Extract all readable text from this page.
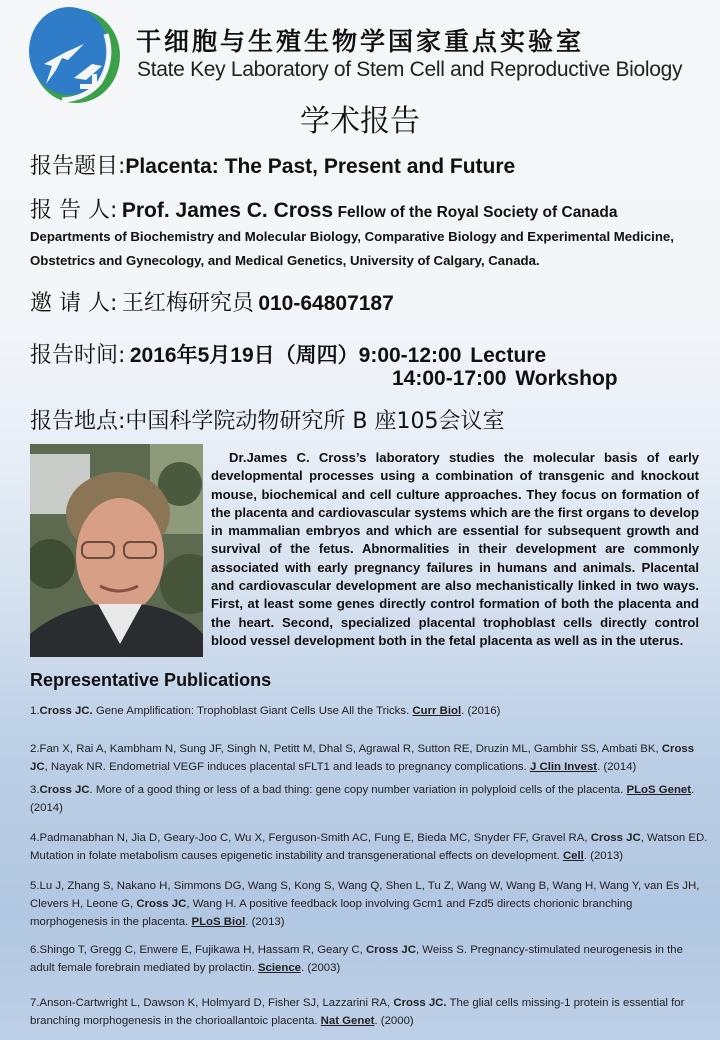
干细胞与生殖生物学国家重点实验室
State Key Laboratory of Stem Cell and Reproductive Biology
学术报告
报告题目:Placenta: The Past, Present and Future
报 告 人: Prof. James C. Cross Fellow of the Royal Society of Canada
Departments of Biochemistry and Molecular Biology, Comparative Biology and Experimental Medicine,
Obstetrics and Gynecology, and Medical Genetics, University of Calgary, Canada.
邀 请 人: 王红梅研究员 010-64807187
报告时间: 2016年5月19日（周四）9:00-12:00 Lecture
14:00-17:00 Workshop
报告地点:中国科学院动物研究所 B 座105会议室
Dr.James C. Cross’s laboratory studies the molecular basis of early developmental processes using a combination of transgenic and knockout mouse, biochemical and cell culture approaches. They focus on formation of the placenta and cardiovascular systems which are the first organs to develop in mammalian embryos and which are essential for subsequent growth and survival of the fetus. Abnormalities in their development are commonly associated with early pregnancy failures in humans and animals. Placental and cardiovascular development are also mechanistically linked in two ways. First, at least some genes directly control formation of both the placenta and the heart. Second, specialized placental trophoblast cells directly control blood vessel development both in the fetal placenta as well as in the uterus.
Representative Publications
1.Cross JC. Gene Amplification: Trophoblast Giant Cells Use All the Tricks. Curr Biol. (2016)
2.Fan X, Rai A, Kambham N, Sung JF, Singh N, Petitt M, Dhal S, Agrawal R, Sutton RE, Druzin ML, Gambhir SS, Ambati BK, Cross JC, Nayak NR. Endometrial VEGF induces placental sFLT1 and leads to pregnancy complications. J Clin Invest. (2014)
3.Cross JC. More of a good thing or less of a bad thing: gene copy number variation in polyploid cells of the placenta. PLoS Genet. (2014)
4.Padmanabhan N, Jia D, Geary-Joo C, Wu X, Ferguson-Smith AC, Fung E, Bieda MC, Snyder FF, Gravel RA, Cross JC, Watson ED. Mutation in folate metabolism causes epigenetic instability and transgenerational effects on development. Cell. (2013)
5.Lu J, Zhang S, Nakano H, Simmons DG, Wang S, Kong S, Wang Q, Shen L, Tu Z, Wang W, Wang B, Wang H, Wang Y, van Es JH, Clevers H, Leone G, Cross JC, Wang H. A positive feedback loop involving Gcm1 and Fzd5 directs chorionic branching morphogenesis in the placenta. PLoS Biol. (2013)
6.Shingo T, Gregg C, Enwere E, Fujikawa H, Hassam R, Geary C, Cross JC, Weiss S. Pregnancy-stimulated neurogenesis in the adult female forebrain mediated by prolactin. Science. (2003)
7.Anson-Cartwright L, Dawson K, Holmyard D, Fisher SJ, Lazzarini RA, Cross JC. The glial cells missing-1 protein is essential for branching morphogenesis in the chorioallantoic placenta. Nat Genet. (2000)
